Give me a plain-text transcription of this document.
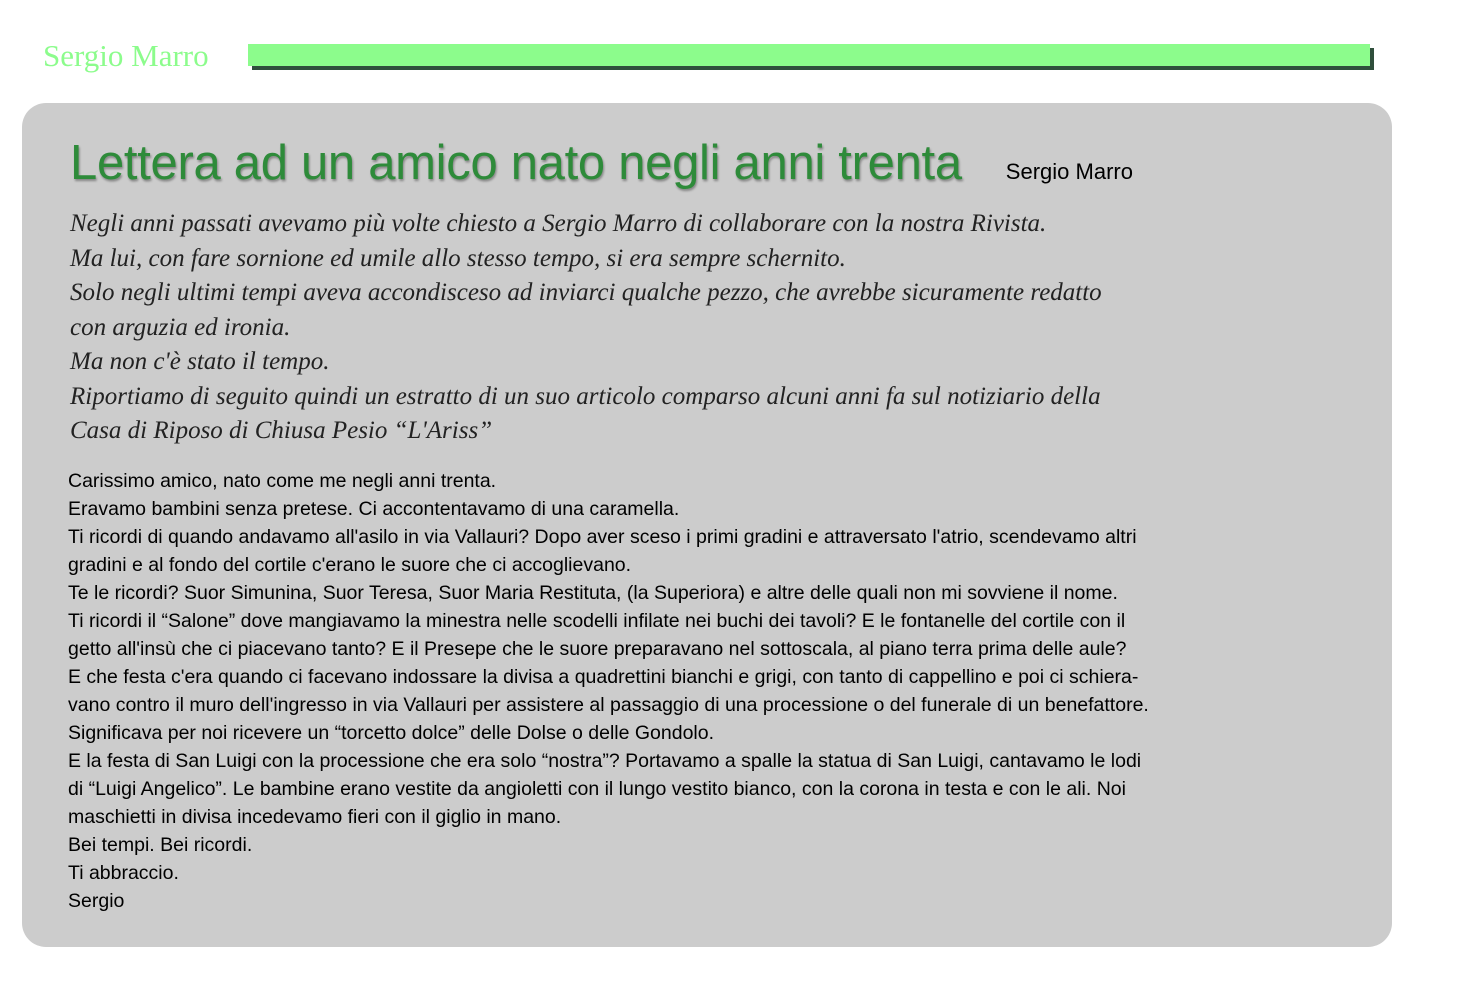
Sergio Marro
Lettera ad un amico nato negli anni trenta Sergio Marro
Negli anni passati avevamo più volte chiesto a Sergio Marro di collaborare con la nostra Rivista.
Ma lui, con fare sornione ed umile allo stesso tempo, si era sempre schernito.
Solo negli ultimi tempi aveva accondisceso ad inviarci qualche pezzo, che avrebbe sicuramente redatto
con arguzia ed ironia.
Ma non c'è stato il tempo.
Riportiamo di seguito quindi un estratto di un suo articolo comparso alcuni anni fa sul notiziario della
Casa di Riposo di Chiusa Pesio “L'Ariss”
Carissimo amico, nato come me negli anni trenta.
Eravamo bambini senza pretese. Ci accontentavamo di una caramella.
Ti ricordi di quando andavamo all'asilo in via Vallauri? Dopo aver sceso i primi gradini e attraversato l'atrio, scendevamo altri
gradini e al fondo del cortile c'erano le suore che ci accoglievano.
Te le ricordi? Suor Simunina, Suor Teresa, Suor Maria Restituta, (la Superiora) e altre delle quali non mi sovviene il nome.
Ti ricordi il “Salone” dove mangiavamo la minestra nelle scodelli infilate nei buchi dei tavoli? E le fontanelle del cortile con il
getto all'insù che ci piacevano tanto? E il Presepe che le suore preparavano nel sottoscala, al piano terra prima delle aule?
E che festa c'era quando ci facevano indossare la divisa a quadrettini bianchi e grigi, con tanto di cappellino e poi ci schiera-
vano contro il muro dell'ingresso in via Vallauri per assistere al passaggio di una processione o del funerale di un benefattore.
Significava per noi ricevere un “torcetto dolce” delle Dolse o delle Gondolo.
E la festa di San Luigi con la processione che era solo “nostra”? Portavamo a spalle la statua di San Luigi, cantavamo le lodi
di “Luigi Angelico”. Le bambine erano vestite da angioletti con il lungo vestito bianco, con la corona in testa e con le ali. Noi
maschietti in divisa incedevamo fieri con il giglio in mano.
Bei tempi. Bei ricordi.
Ti abbraccio.
Sergio
